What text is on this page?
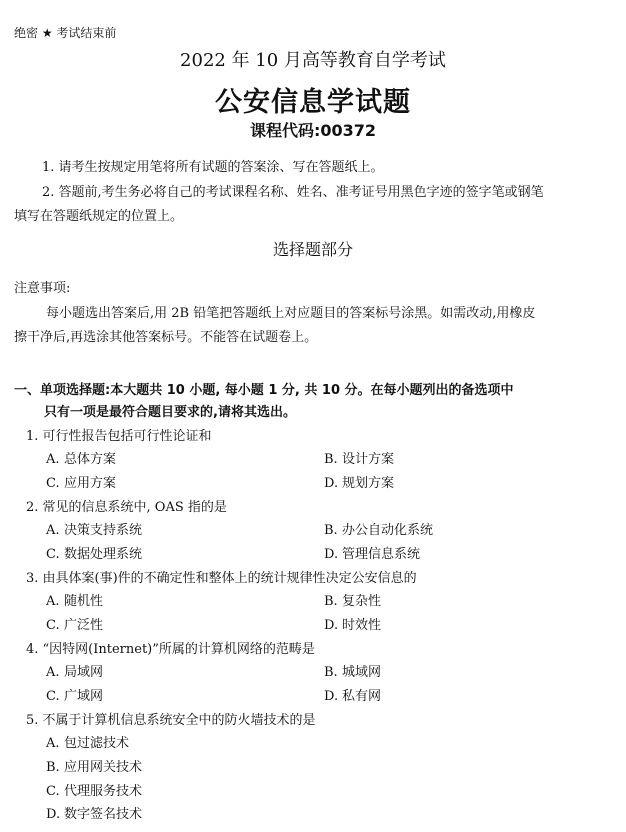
绝密 ★ 考试结束前
2022 年 10 月高等教育自学考试
公安信息学试题
课程代码:00372
1. 请考生按规定用笔将所有试题的答案涂、写在答题纸上。
2. 答题前,考生务必将自己的考试课程名称、姓名、准考证号用黑色字迹的签字笔或钢笔
填写在答题纸规定的位置上。
选择题部分
注意事项:
每小题选出答案后,用 2B 铅笔把答题纸上对应题目的答案标号涂黑。如需改动,用橡皮
擦干净后,再选涂其他答案标号。不能答在试题卷上。
一、单项选择题:本大题共 10 小题, 每小题 1 分, 共 10 分。在每小题列出的备选项中
只有一项是最符合题目要求的,请将其选出。
1. 可行性报告包括可行性论证和
A. 总体方案	B. 设计方案
C. 应用方案	D. 规划方案
2. 常见的信息系统中, OAS 指的是
A. 决策支持系统	B. 办公自动化系统
C. 数据处理系统	D. 管理信息系统
3. 由具体案(事)件的不确定性和整体上的统计规律性决定公安信息的
A. 随机性	B. 复杂性
C. 广泛性	D. 时效性
4. “因特网(Internet)”所属的计算机网络的范畴是
A. 局域网	B. 城域网
C. 广域网	D. 私有网
5. 不属于计算机信息系统安全中的防火墙技术的是
A. 包过滤技术
B. 应用网关技术
C. 代理服务技术
D. 数字签名技术
